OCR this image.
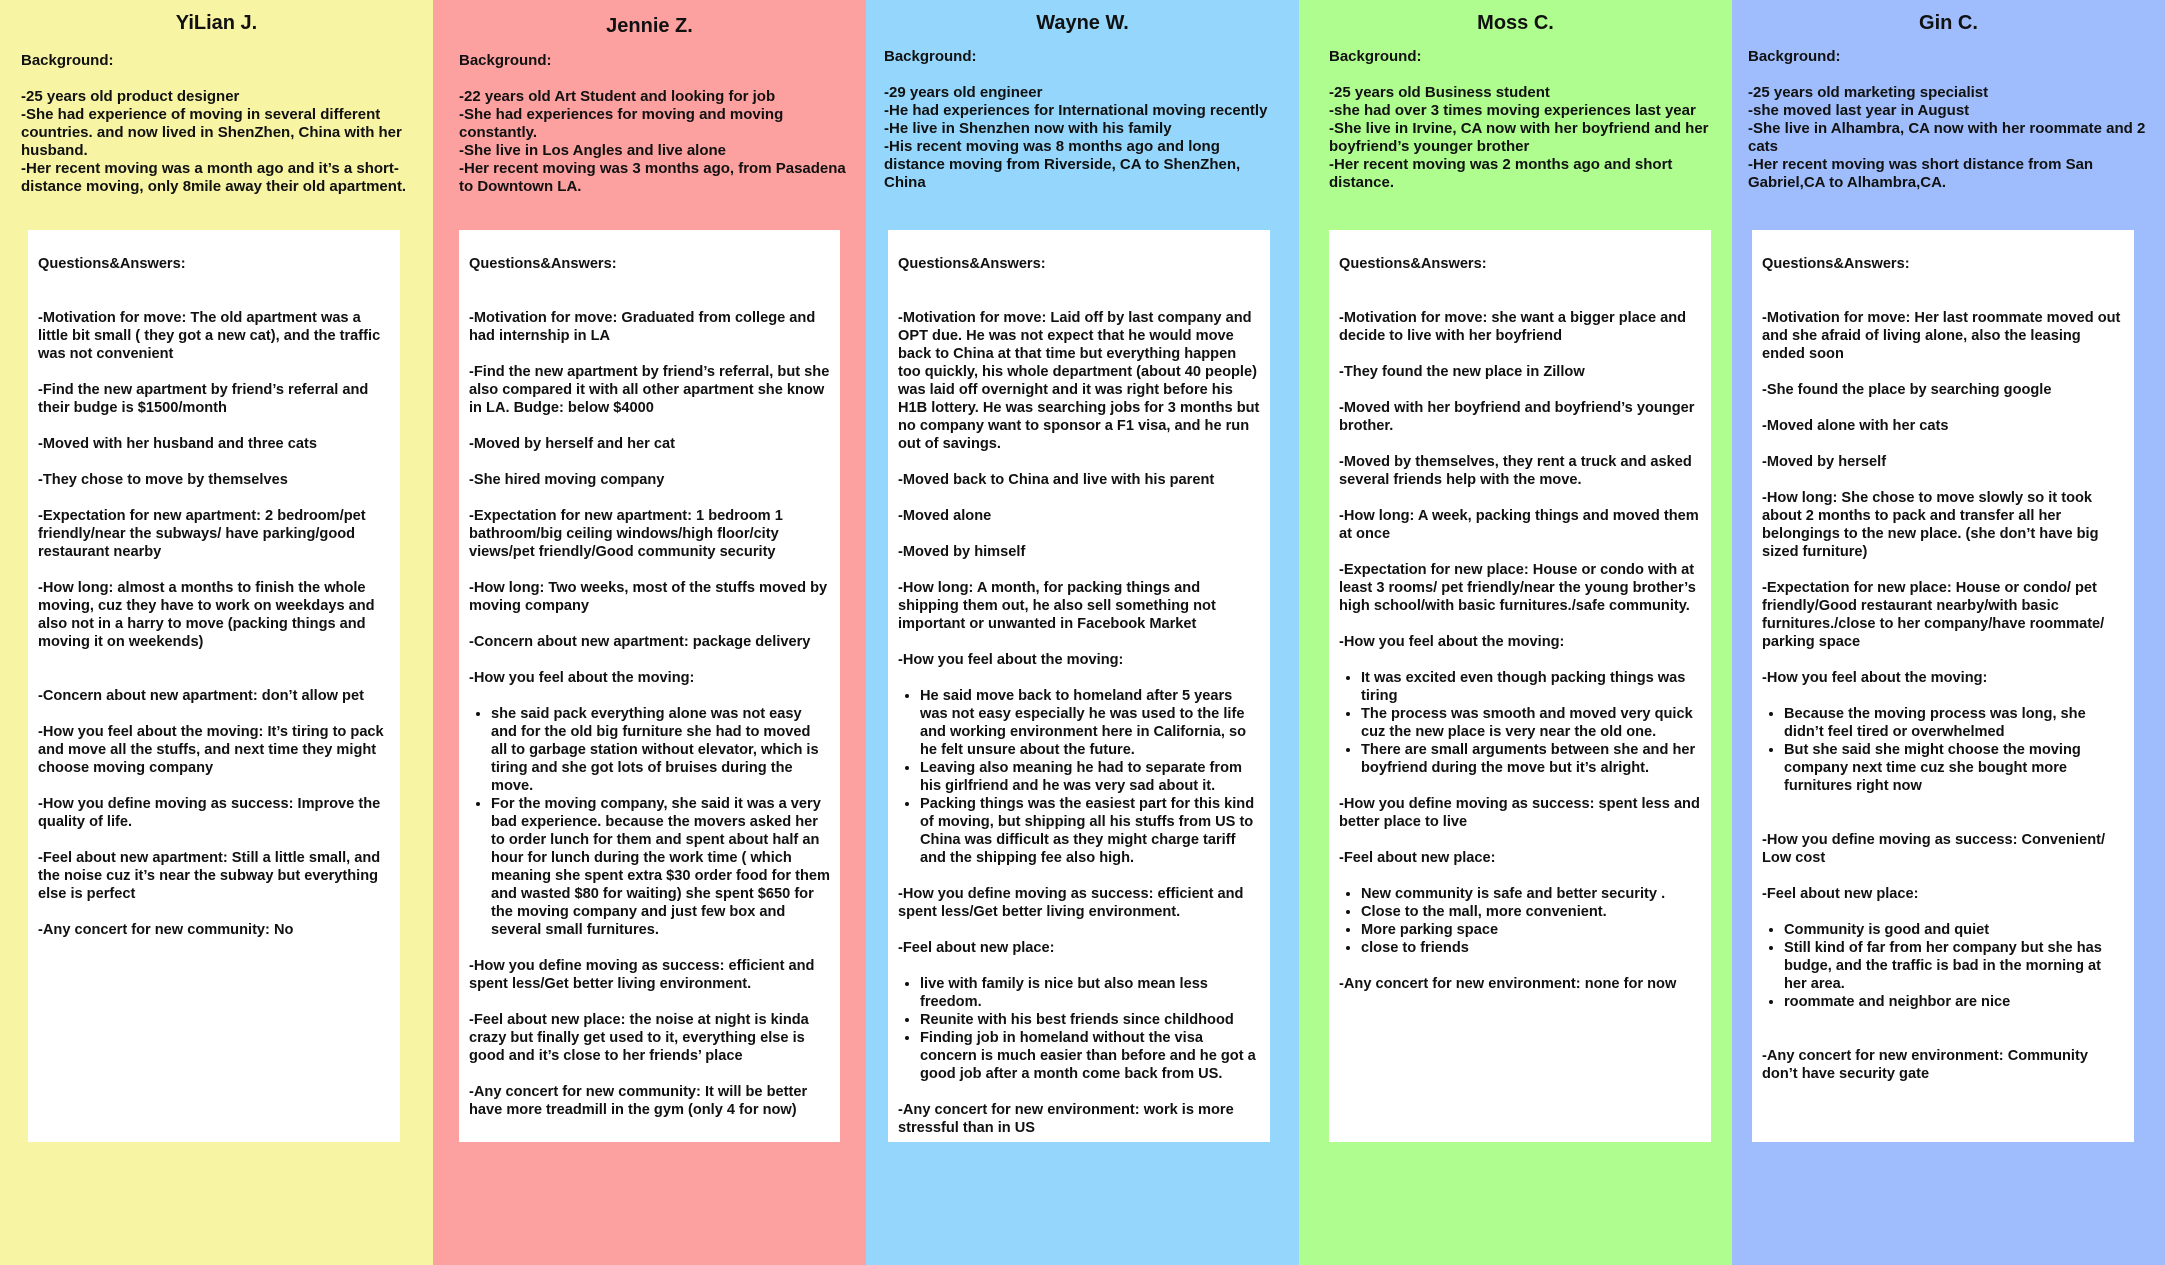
YiLian J.
Background:
-25 years old product designer
-She had experience of moving in several different countries. and now lived in ShenZhen, China with her husband.
-Her recent moving was a month ago and it’s a short-distance moving, only 8mile away their old apartment.
Questions&Answers:
-Motivation for move: The old apartment was a little bit small ( they got a new cat), and the traffic was not convenient
-Find the new apartment by friend’s referral and their budge is $1500/month
-Moved with her husband and three cats
-They chose to move by themselves
-Expectation for new apartment: 2 bedroom/pet friendly/near the subways/ have parking/good restaurant nearby
-How long: almost a months to finish the whole moving, cuz they have to work on weekdays and also not in a harry to move (packing things and moving it on weekends)
-Concern about new apartment: don’t allow pet
-How you feel about the moving: It’s tiring to pack and move all the stuffs, and next time they might choose moving company
-How you define moving as success: Improve the quality of life.
-Feel about new apartment: Still a little small, and the noise cuz it’s near the subway but everything else is perfect
-Any concert for new community: No
Jennie Z.
Background:
-22 years old Art Student and looking for job
-She had experiences for moving and moving constantly.
-She live in Los Angles and live alone
-Her recent moving was 3 months ago, from Pasadena to Downtown LA.
Questions&Answers:
-Motivation for move: Graduated from college and had internship in LA
-Find the new apartment by friend’s referral, but she also compared it with all other apartment she know in LA. Budge: below $4000
-Moved by herself and her cat
-She hired moving company
-Expectation for new apartment: 1 bedroom 1 bathroom/big ceiling windows/high floor/city views/pet friendly/Good community security
-How long: Two weeks, most of the stuffs moved by moving company
-Concern about new apartment: package delivery
-How you feel about the moving:
• she said pack everything alone was not easy and for the old big furniture she had to moved all to garbage station without elevator, which is tiring and she got lots of bruises during the move.
• For the moving company, she said it was a very bad experience. because the movers asked her to order lunch for them and spent about half an hour for lunch during the work time ( which meaning she spent extra $30 order food for them and wasted $80 for waiting) she spent $650 for the moving company and just few box and several small furnitures.
-How you define moving as success: efficient and spent less/Get better living environment.
-Feel about new place: the noise at night is kinda crazy but finally get used to it, everything else is good and it’s close to her friends’ place
-Any concert for new community: It will be better have more treadmill in the gym (only 4 for now)
Wayne W.
Background:
-29 years old engineer
-He had experiences for International moving recently
-He live in Shenzhen now with his family
-His recent moving was 8 months ago and long distance moving from Riverside, CA to ShenZhen, China
Questions&Answers:
-Motivation for move: Laid off by last company and OPT due. He was not expect that he would move back to China at that time but everything happen too quickly, his whole department (about 40 people) was laid off overnight and it was right before his H1B lottery. He was searching jobs for 3 months but no company want to sponsor a F1 visa, and he run out of savings.
-Moved back to China and live with his parent
-Moved alone
-Moved by himself
-How long: A month, for packing things and shipping them out, he also sell something not important or unwanted in Facebook Market
-How you feel about the moving:
• He said move back to homeland after 5 years was not easy especially he was used to the life and working environment here in California, so he felt unsure about the future.
• Leaving also meaning he had to separate from his girlfriend and he was very sad about it.
• Packing things was the easiest part for this kind of moving, but shipping all his stuffs from US to China was difficult as they might charge tariff and the shipping fee also high.
-How you define moving as success: efficient and spent less/Get better living environment.
-Feel about new place:
• live with family is nice but also mean less freedom.
• Reunite with his best friends since childhood
• Finding job in homeland without the visa concern is much easier than before and he got a good job after a month come back from US.
-Any concert for new environment: work is more stressful than in US
Moss C.
Background:
-25 years old Business student
-she had over 3 times moving experiences last year
-She live in Irvine, CA now with her boyfriend and her boyfriend’s younger brother
-Her recent moving was 2 months ago and short distance.
Questions&Answers:
-Motivation for move: she want a bigger place and decide to live with her boyfriend
-They found the new place in Zillow
-Moved with her boyfriend and boyfriend’s younger brother.
-Moved by themselves, they rent a truck and asked several friends help with the move.
-How long: A week, packing things and moved them at once
-Expectation for new place: House or condo with at least 3 rooms/ pet friendly/near the young brother’s high school/with basic furnitures./safe community.
-How you feel about the moving:
• It was excited even though packing things was tiring
• The process was smooth and moved very quick cuz the new place is very near the old one.
• There are small arguments between she and her boyfriend during the move but it’s alright.
-How you define moving as success: spent less and better place to live
-Feel about new place:
• New community is safe and better security .
• Close to the mall, more convenient.
• More parking space
• close to friends
-Any concert for new environment: none for now
Gin C.
Background:
-25 years old marketing specialist
-she moved last year in August
-She live in Alhambra, CA now with her roommate and 2 cats
-Her recent moving was short distance from San Gabriel,CA to Alhambra,CA.
Questions&Answers:
-Motivation for move: Her last roommate moved out and she afraid of living alone, also the leasing ended soon
-She found the place by searching google
-Moved alone with her cats
-Moved by herself
-How long: She chose to move slowly so it took about 2 months to pack and transfer all her belongings to the new place. (she don’t have big sized furniture)
-Expectation for new place: House or condo/ pet friendly/Good restaurant nearby/with basic furnitures./close to her company/have roommate/ parking space
-How you feel about the moving:
• Because the moving process was long, she didn’t feel tired or overwhelmed
• But she said she might choose the moving company next time cuz she bought more furnitures right now
-How you define moving as success: Convenient/ Low cost
-Feel about new place:
• Community is good and quiet
• Still kind of far from her company but she has budge, and the traffic is bad in the morning at her area.
• roommate and neighbor are nice
-Any concert for new environment: Community don’t have security gate
